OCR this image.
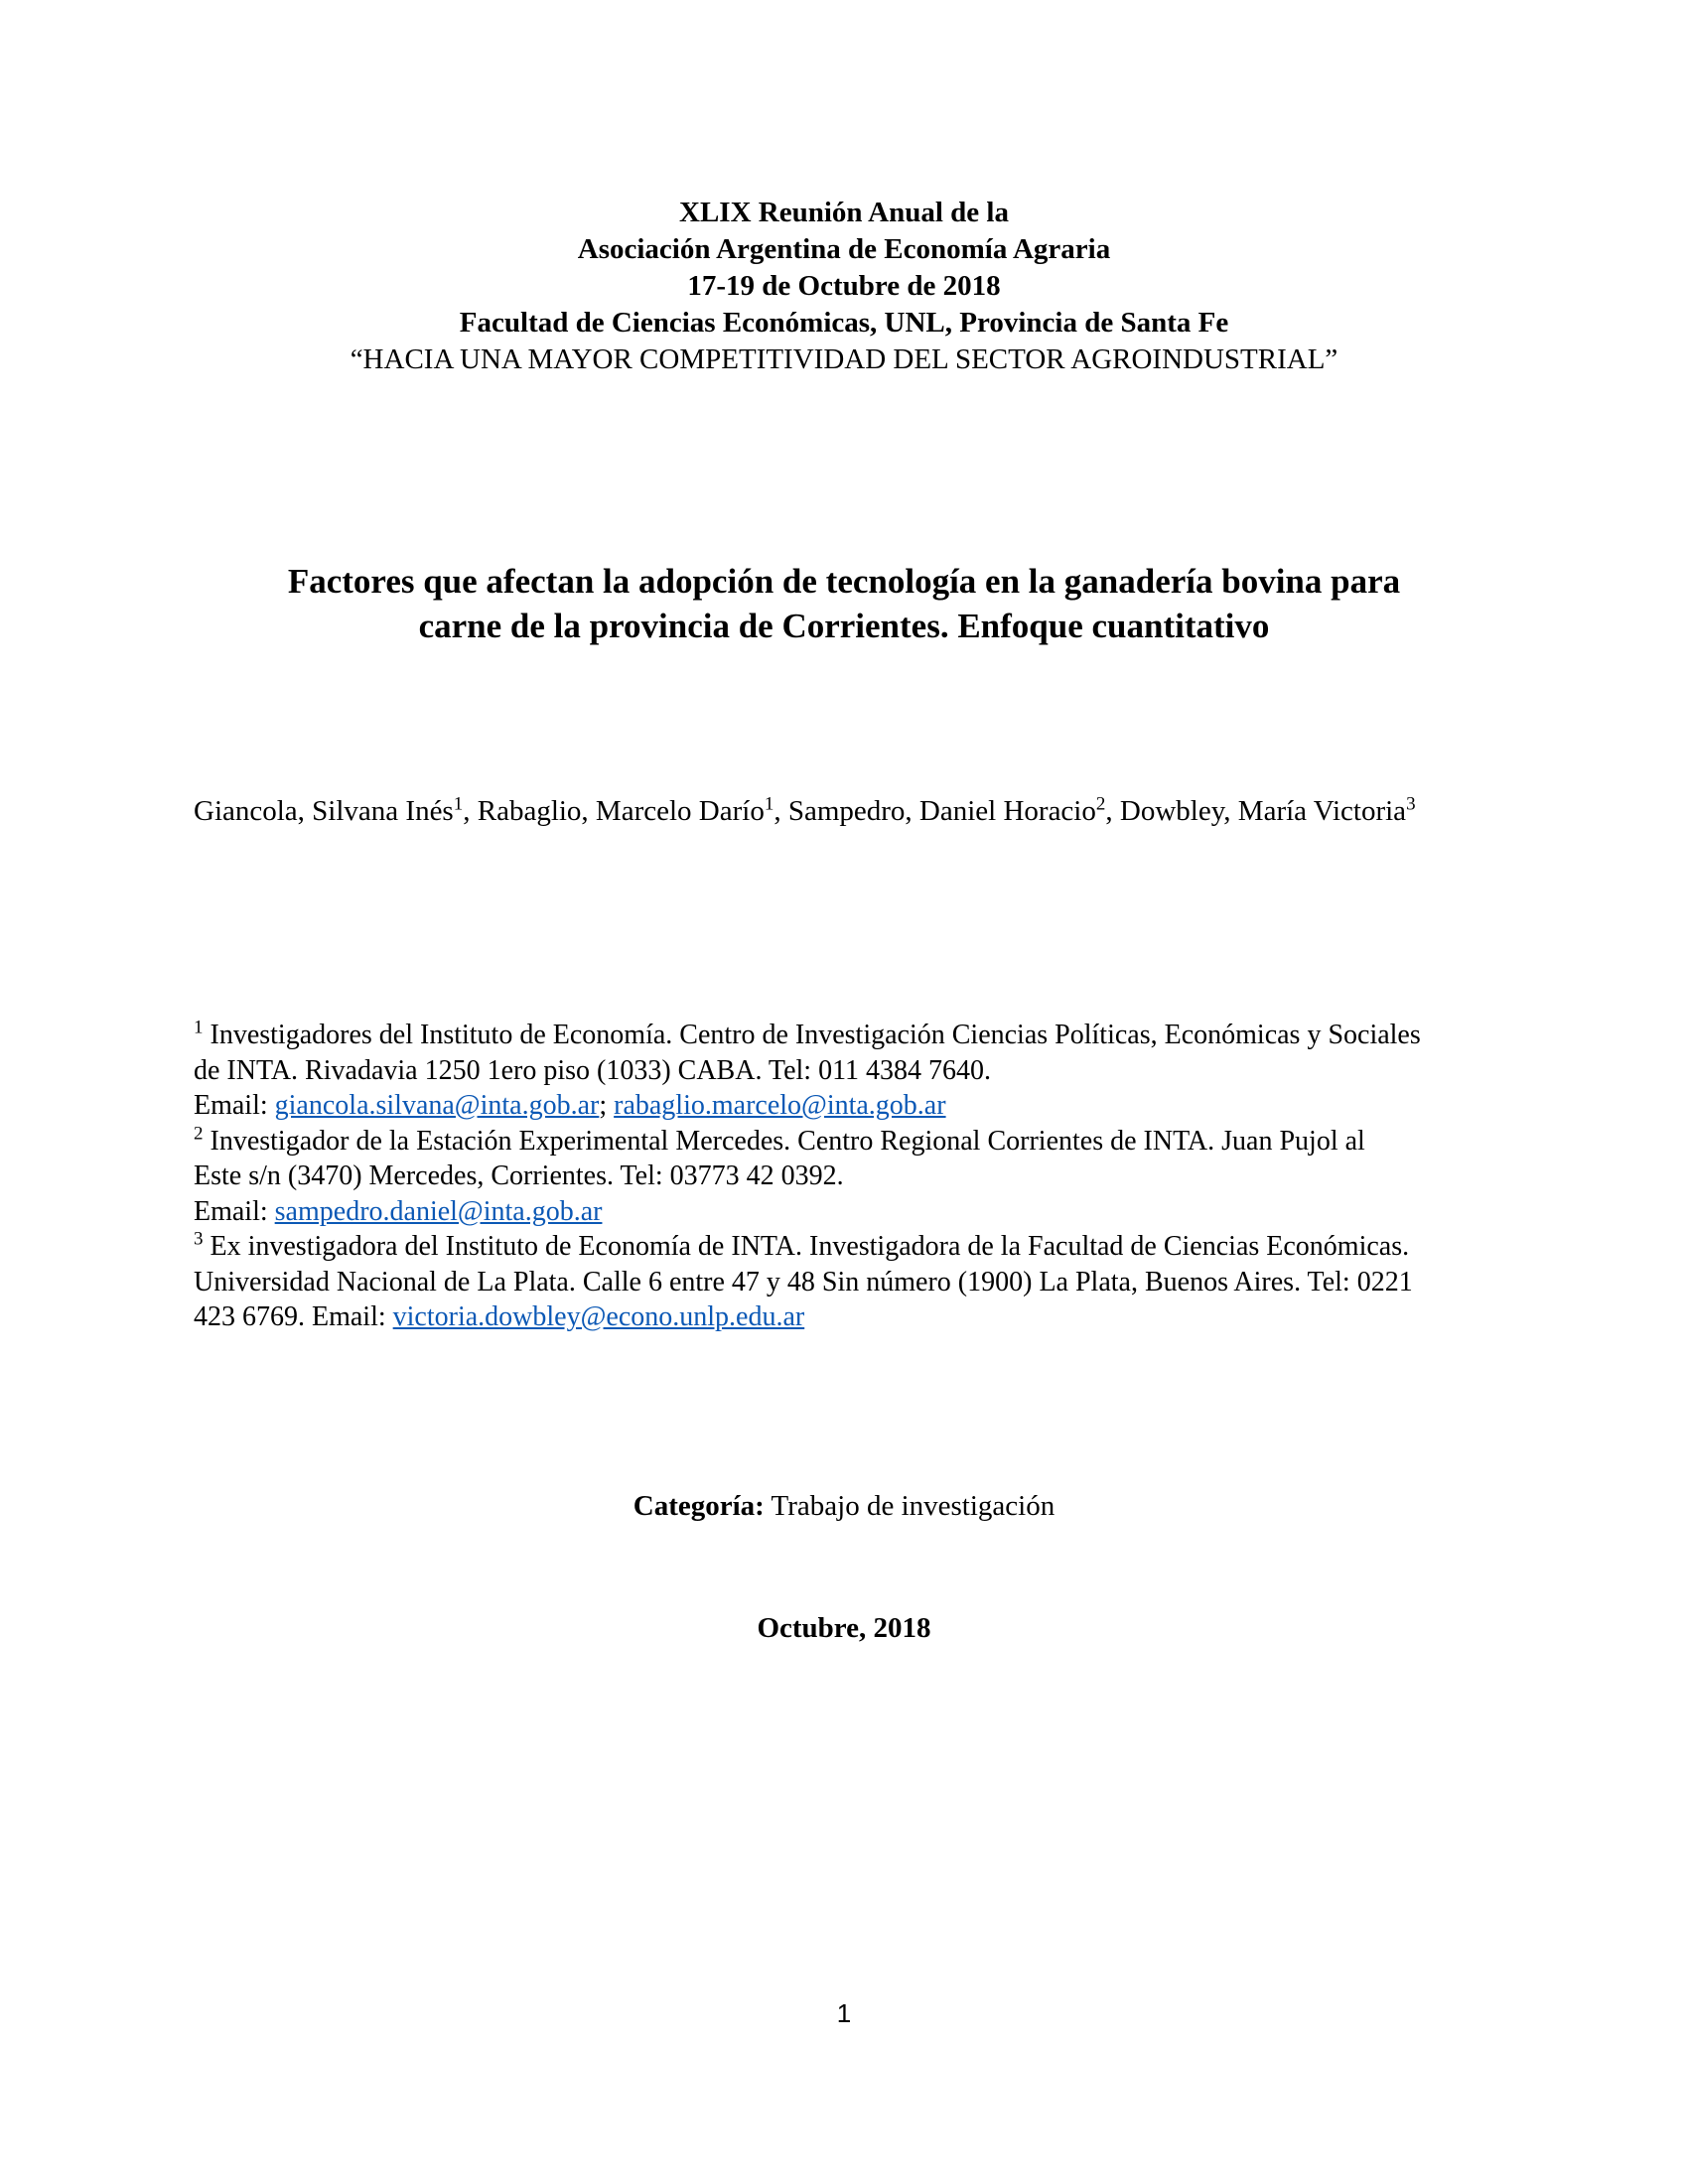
XLIX Reunión Anual de la
Asociación Argentina de Economía Agraria
17-19 de Octubre de 2018
Facultad de Ciencias Económicas, UNL, Provincia de Santa Fe
“HACIA UNA MAYOR COMPETITIVIDAD DEL SECTOR AGROINDUSTRIAL”
Factores que afectan la adopción de tecnología en la ganadería bovina para
carne de la provincia de Corrientes. Enfoque cuantitativo
Giancola, Silvana Inés$^1$, Rabaglio, Marcelo Darío$^1$, Sampedro, Daniel Horacio$^2$, Dowbley, María Victoria$^3$
$^1$ Investigadores del Instituto de Economía. Centro de Investigación Ciencias Políticas, Económicas y Sociales
de INTA. Rivadavia 1250 1ero piso (1033) CABA. Tel: 011 4384 7640.
Email: giancola.silvana@inta.gob.ar; rabaglio.marcelo@inta.gob.ar
$^2$ Investigador de la Estación Experimental Mercedes. Centro Regional Corrientes de INTA. Juan Pujol al
Este s/n (3470) Mercedes, Corrientes. Tel: 03773 42 0392.
Email: sampedro.daniel@inta.gob.ar
$^3$ Ex investigadora del Instituto de Economía de INTA. Investigadora de la Facultad de Ciencias Económicas.
Universidad Nacional de La Plata. Calle 6 entre 47 y 48 Sin número (1900) La Plata, Buenos Aires. Tel: 0221
423 6769. Email: victoria.dowbley@econo.unlp.edu.ar
Categoría: Trabajo de investigación
Octubre, 2018
1
